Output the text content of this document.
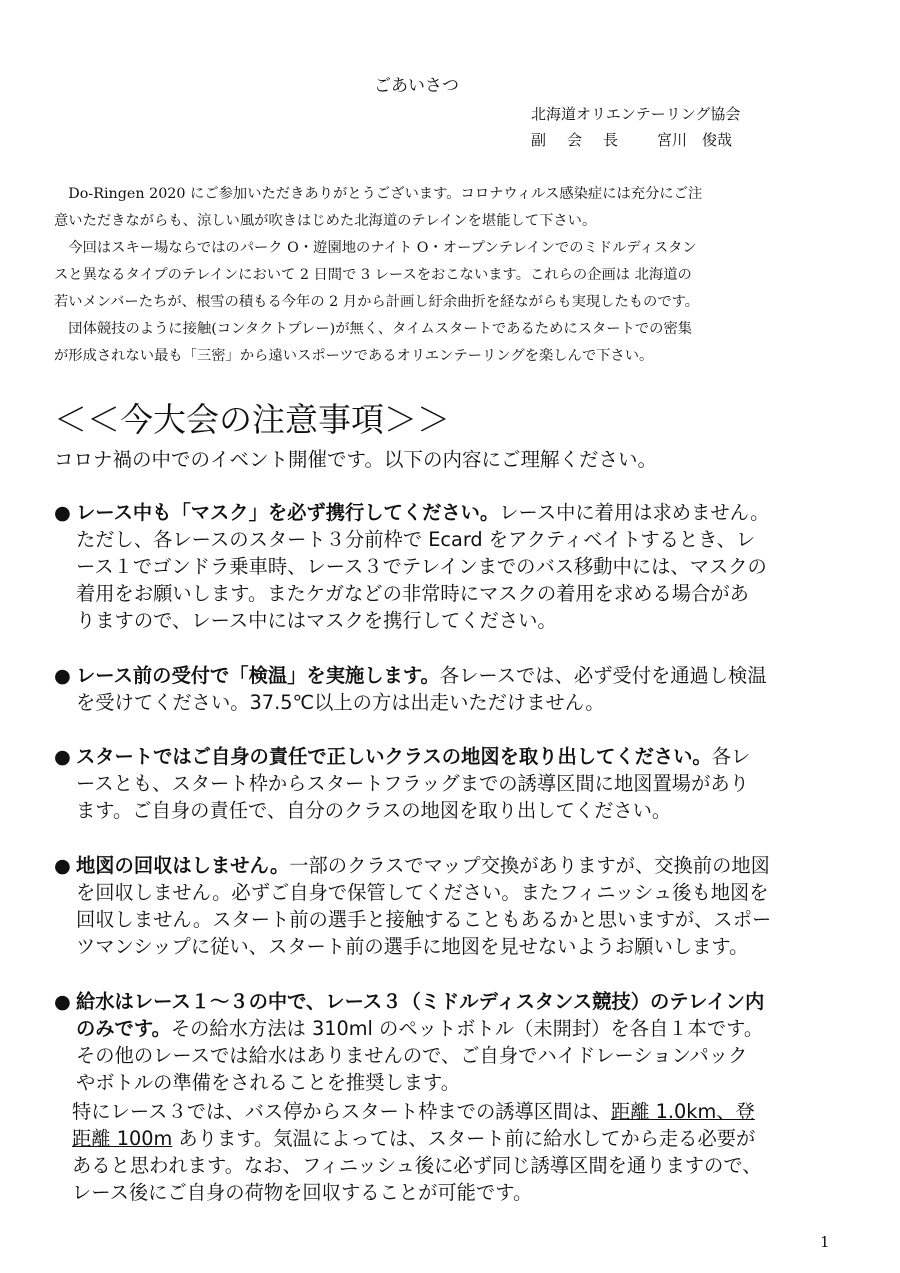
ごあいさつ
北海道オリエンテーリング協会
副 会 長	宮川　俊哉
　Do-Ringen 2020 にご参加いただきありがとうございます。コロナウィルス感染症には充分にご注
意いただきながらも、涼しい風が吹きはじめた北海道のテレインを堪能して下さい。
　今回はスキー場ならではのパーク O・遊園地のナイト O・オープンテレインでのミドルディスタン
スと異なるタイプのテレインにおいて 2 日間で 3 レースをおこないます。これらの企画は 北海道の
若いメンバーたちが、根雪の積もる今年の 2 月から計画し紆余曲折を経ながらも実現したものです。
　団体競技のように接触(コンタクトプレー)が無く、タイムスタートであるためにスタートでの密集
が形成されない最も「三密」から遠いスポーツであるオリエンテーリングを楽しんで下さい。
＜＜今大会の注意事項＞＞
コロナ禍の中でのイベント開催です。以下の内容にご理解ください。
● レース中も「マスク」を必ず携行してください。レース中に着用は求めません。
ただし、各レースのスタート３分前枠で Ecard をアクティベイトするとき、レ
ース１でゴンドラ乗車時、レース３でテレインまでのバス移動中には、マスクの
着用をお願いします。またケガなどの非常時にマスクの着用を求める場合があ
りますので、レース中にはマスクを携行してください。
● レース前の受付で「検温」を実施します。各レースでは、必ず受付を通過し検温
を受けてください。37.5℃以上の方は出走いただけません。
● スタートではご自身の責任で正しいクラスの地図を取り出してください。各レ
ースとも、スタート枠からスタートフラッグまでの誘導区間に地図置場があり
ます。ご自身の責任で、自分のクラスの地図を取り出してください。
● 地図の回収はしません。一部のクラスでマップ交換がありますが、交換前の地図
を回収しません。必ずご自身で保管してください。またフィニッシュ後も地図を
回収しません。スタート前の選手と接触することもあるかと思いますが、スポー
ツマンシップに従い、スタート前の選手に地図を見せないようお願いします。
● 給水はレース１～３の中で、レース３（ミドルディスタンス競技）のテレイン内
のみです。その給水方法は 310ml のペットボトル（未開封）を各自１本です。
その他のレースでは給水はありませんので、ご自身でハイドレーションパック
やボトルの準備をされることを推奨します。
特にレース３では、バス停からスタート枠までの誘導区間は、距離 1.0km、登
距離 100m あります。気温によっては、スタート前に給水してから走る必要が
あると思われます。なお、フィニッシュ後に必ず同じ誘導区間を通りますので、
レース後にご自身の荷物を回収することが可能です。
1
